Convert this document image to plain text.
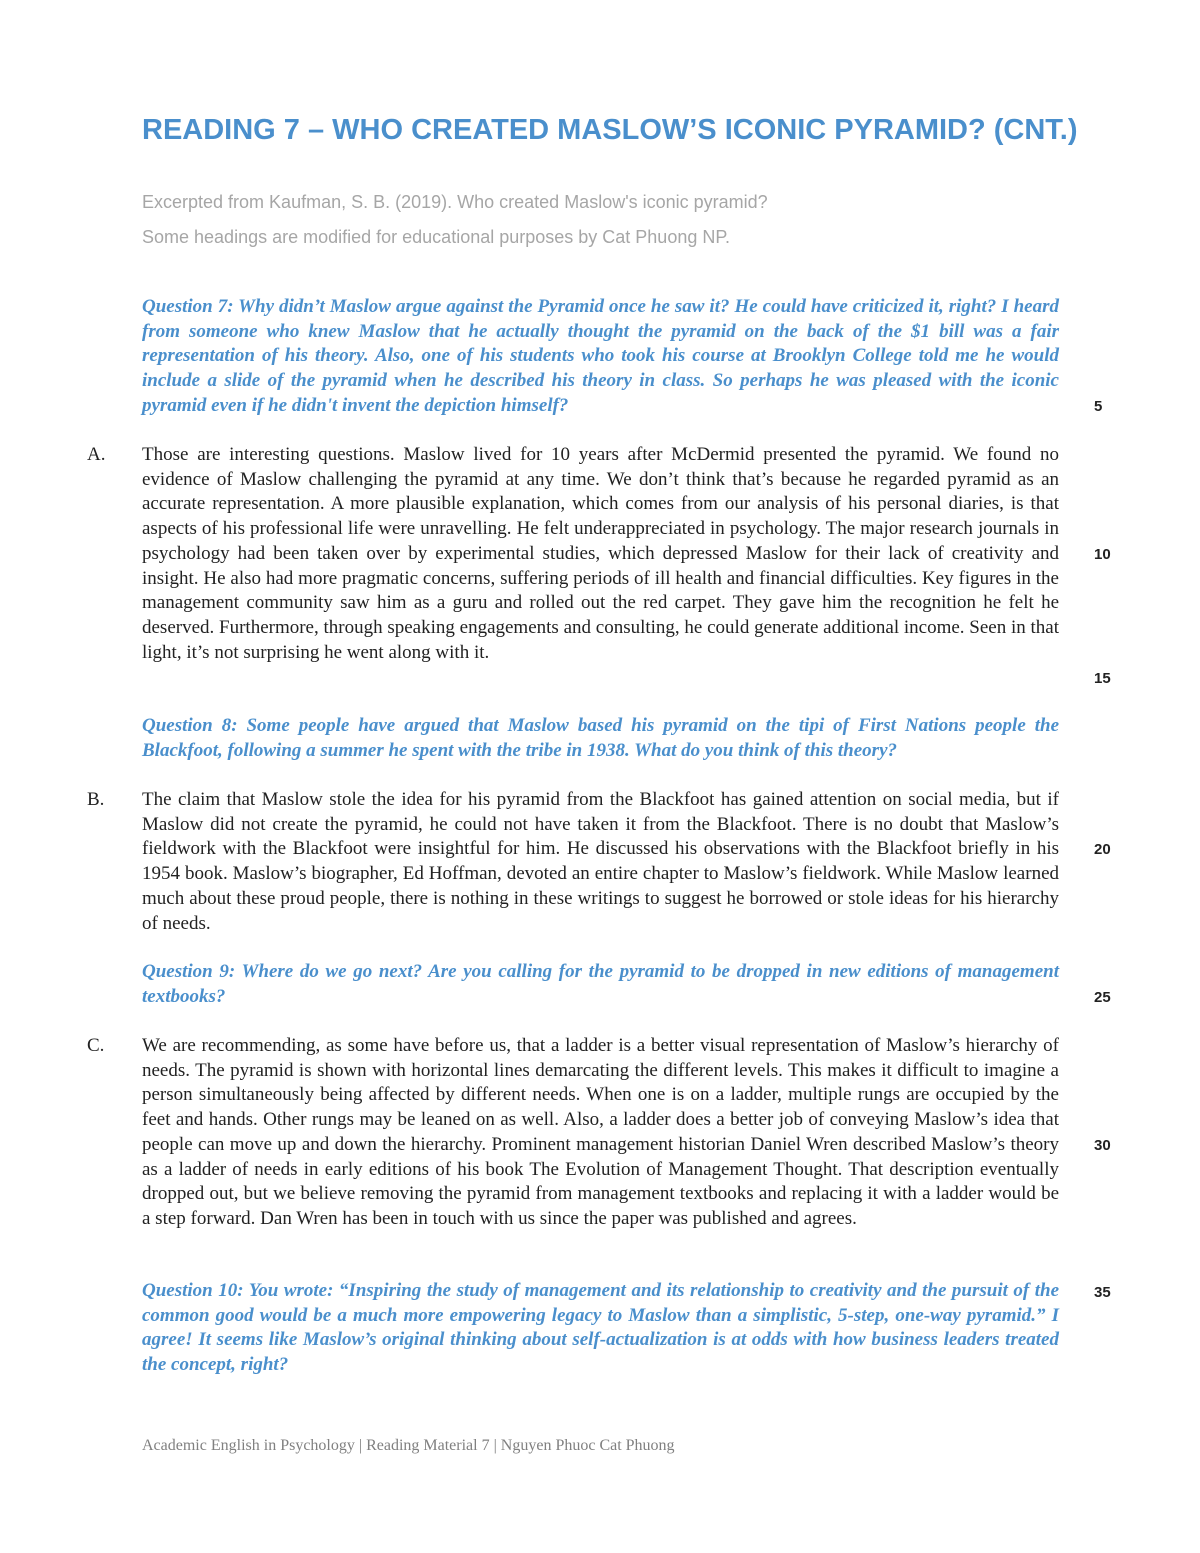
READING 7 – WHO CREATED MASLOW’S ICONIC PYRAMID? (CNT.)
Excerpted from Kaufman, S. B. (2019). Who created Maslow's iconic pyramid?
Some headings are modified for educational purposes by Cat Phuong NP.
Question 7: Why didn’t Maslow argue against the Pyramid once he saw it? He could have criticized it, right? I heard from someone who knew Maslow that he actually thought the pyramid on the back of the $1 bill was a fair representation of his theory. Also, one of his students who took his course at Brooklyn College told me he would include a slide of the pyramid when he described his theory in class. So perhaps he was pleased with the iconic pyramid even if he didn't invent the depiction himself?
A. Those are interesting questions. Maslow lived for 10 years after McDermid presented the pyramid. We found no evidence of Maslow challenging the pyramid at any time. We don’t think that’s because he regarded pyramid as an accurate representation. A more plausible explanation, which comes from our analysis of his personal diaries, is that aspects of his professional life were unravelling. He felt underappreciated in psychology. The major research journals in psychology had been taken over by experimental studies, which depressed Maslow for their lack of creativity and insight. He also had more pragmatic concerns, suffering periods of ill health and financial difficulties. Key figures in the management community saw him as a guru and rolled out the red carpet. They gave him the recognition he felt he deserved. Furthermore, through speaking engagements and consulting, he could generate additional income. Seen in that light, it’s not surprising he went along with it.
Question 8: Some people have argued that Maslow based his pyramid on the tipi of First Nations people the Blackfoot, following a summer he spent with the tribe in 1938. What do you think of this theory?
B. The claim that Maslow stole the idea for his pyramid from the Blackfoot has gained attention on social media, but if Maslow did not create the pyramid, he could not have taken it from the Blackfoot. There is no doubt that Maslow’s fieldwork with the Blackfoot were insightful for him. He discussed his observations with the Blackfoot briefly in his 1954 book. Maslow’s biographer, Ed Hoffman, devoted an entire chapter to Maslow’s fieldwork. While Maslow learned much about these proud people, there is nothing in these writings to suggest he borrowed or stole ideas for his hierarchy of needs.
Question 9: Where do we go next? Are you calling for the pyramid to be dropped in new editions of management textbooks?
C. We are recommending, as some have before us, that a ladder is a better visual representation of Maslow’s hierarchy of needs. The pyramid is shown with horizontal lines demarcating the different levels. This makes it difficult to imagine a person simultaneously being affected by different needs. When one is on a ladder, multiple rungs are occupied by the feet and hands. Other rungs may be leaned on as well. Also, a ladder does a better job of conveying Maslow’s idea that people can move up and down the hierarchy. Prominent management historian Daniel Wren described Maslow’s theory as a ladder of needs in early editions of his book The Evolution of Management Thought. That description eventually dropped out, but we believe removing the pyramid from management textbooks and replacing it with a ladder would be a step forward. Dan Wren has been in touch with us since the paper was published and agrees.
Question 10: You wrote: “Inspiring the study of management and its relationship to creativity and the pursuit of the common good would be a much more empowering legacy to Maslow than a simplistic, 5-step, one-way pyramid.” I agree! It seems like Maslow’s original thinking about self-actualization is at odds with how business leaders treated the concept, right?
5
10
15
20
25
30
35
Academic English in Psychology | Reading Material 7 | Nguyen Phuoc Cat Phuong
